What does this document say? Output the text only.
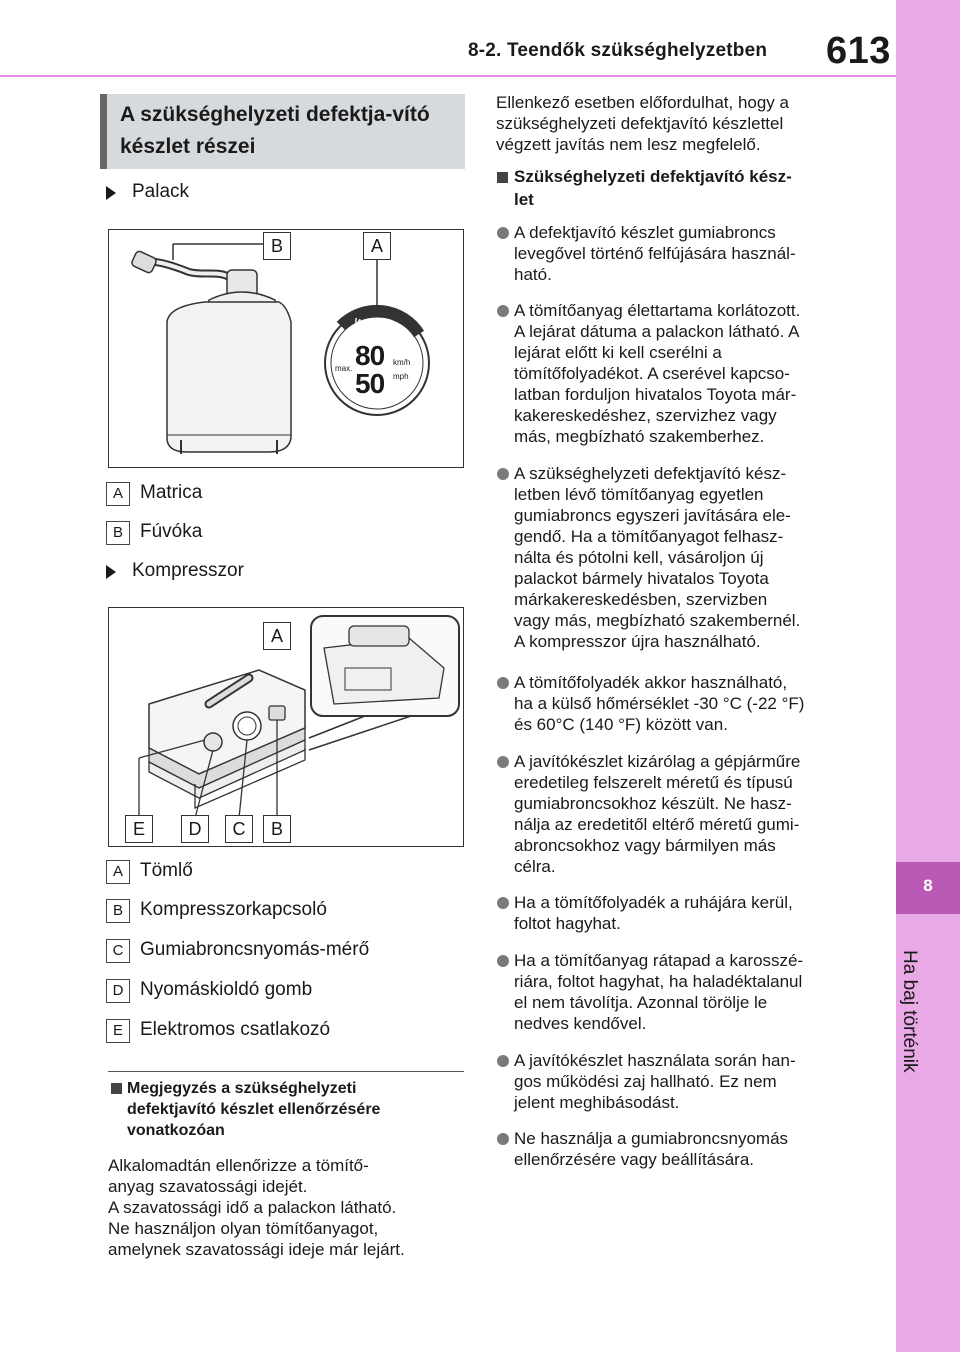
8-2. Teendők szükséghelyzetben 613
8
Ha baj történik
A szükséghelyzeti defektja-vító készlet részei
Palack
B	A
WARNING
80
50
km/h
mph
max.
A Matrica
B Fúvóka
Kompresszor
A
E	D	C	B
A Tömlő
B Kompresszorkapcsoló
C Gumiabroncsnyomás-mérő
D Nyomáskioldó gomb
E Elektromos csatlakozó
Megjegyzés a szükséghelyzeti
defektjavító készlet ellenőrzésére
vonatkozóan
Alkalomadtán ellenőrizze a tömítő-
anyag szavatossági idejét.
A szavatossági idő a palackon látható.
Ne használjon olyan tömítőanyagot,
amelynek szavatossági ideje már lejárt.
Ellenkező esetben előfordulhat, hogy a
szükséghelyzeti defektjavító készlettel
végzett javítás nem lesz megfelelő.
Szükséghelyzeti defektjavító kész-
let
A defektjavító készlet gumiabroncs
levegővel történő felfújására használ-
ható.
A tömítőanyag élettartama korlátozott.
A lejárat dátuma a palackon látható. A
lejárat előtt ki kell cserélni a
tömítőfolyadékot. A cserével kapcso-
latban forduljon hivatalos Toyota már-
kakereskedéshez, szervizhez vagy
más, megbízható szakemberhez.
A szükséghelyzeti defektjavító kész-
letben lévő tömítőanyag egyetlen
gumiabroncs egyszeri javítására ele-
gendő. Ha a tömítőanyagot felhasz-
nálta és pótolni kell, vásároljon új
palackot bármely hivatalos Toyota
márkakereskedésben, szervizben
vagy más, megbízható szakembernél.
A kompresszor újra használható.
A tömítőfolyadék akkor használható,
ha a külső hőmérséklet -30 °C (-22 °F)
és 60°C (140 °F) között van.
A javítókészlet kizárólag a gépjárműre
eredetileg felszerelt méretű és típusú
gumiabroncsokhoz készült. Ne hasz-
nálja az eredetitől eltérő méretű gumi-
abroncsokhoz vagy bármilyen más
célra.
Ha a tömítőfolyadék a ruhájára kerül,
foltot hagyhat.
Ha a tömítőanyag rátapad a karosszé-
riára, foltot hagyhat, ha haladéktalanul
el nem távolítja. Azonnal törölje le
nedves kendővel.
A javítókészlet használata során han-
gos működési zaj hallható. Ez nem
jelent meghibásodást.
Ne használja a gumiabroncsnyomás
ellenőrzésére vagy beállítására.
